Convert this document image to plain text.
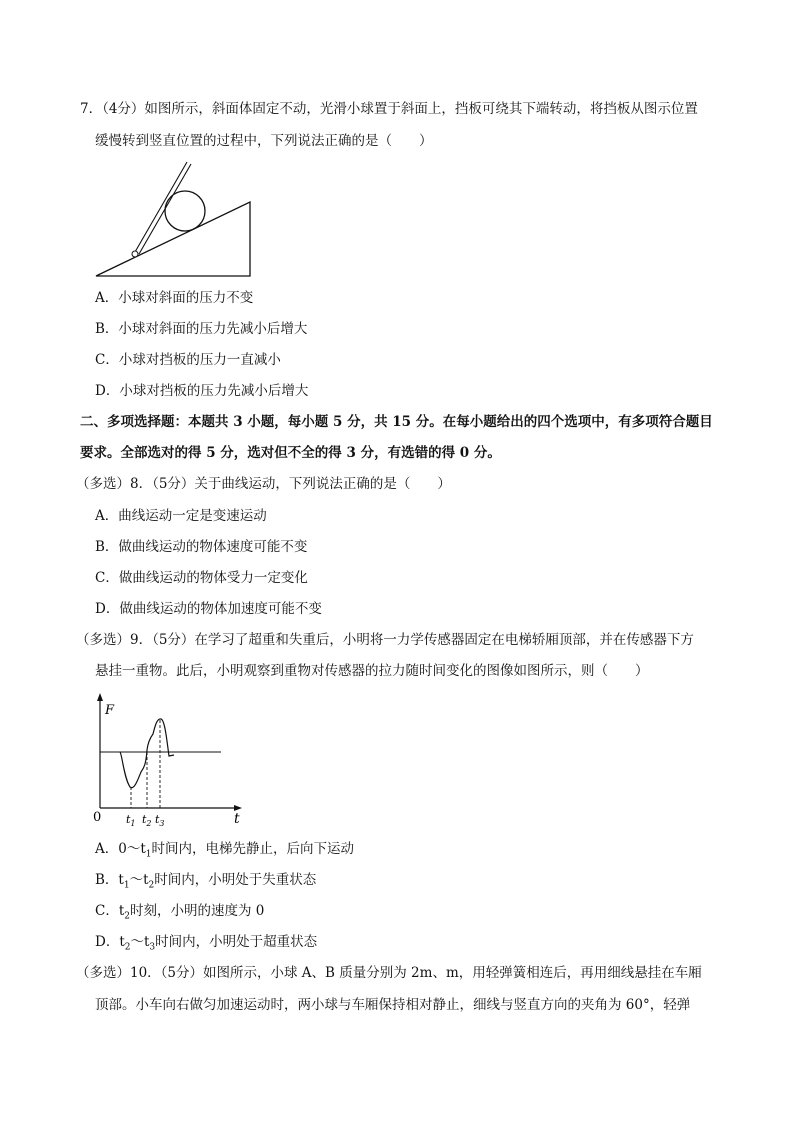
7．（4分）如图所示，斜面体固定不动，光滑小球置于斜面上，挡板可绕其下端转动，将挡板从图示位置
缓慢转到竖直位置的过程中，下列说法正确的是（　　）
A．小球对斜面的压力不变
B．小球对斜面的压力先减小后增大
C．小球对挡板的压力一直减小
D．小球对挡板的压力先减小后增大
二、多项选择题：本题共 3 小题，每小题 5 分，共 15 分。在每小题给出的四个选项中，有多项符合题目
要求。全部选对的得 5 分，选对但不全的得 3 分，有选错的得 0 分。
（多选）8．（5分）关于曲线运动，下列说法正确的是（　　）
A．曲线运动一定是变速运动
B．做曲线运动的物体速度可能不变
C．做曲线运动的物体受力一定变化
D．做曲线运动的物体加速度可能不变
（多选）9．（5分）在学习了超重和失重后，小明将一力学传感器固定在电梯轿厢顶部，并在传感器下方
悬挂一重物。此后，小明观察到重物对传感器的拉力随时间变化的图像如图所示，则（　　）
F
t
0 $t_1$ $t_2$ $t_3$
A．$0\sim t_1$时间内，电梯先静止，后向下运动
B．$t_1\sim t_2$时间内，小明处于失重状态
C．$t_2$时刻，小明的速度为 0
D．$t_2\sim t_3$时间内，小明处于超重状态
（多选）10．（5分）如图所示，小球 A、B 质量分别为 2m、m，用轻弹簧相连后，再用细线悬挂在车厢
顶部。小车向右做匀加速运动时，两小球与车厢保持相对静止，细线与竖直方向的夹角为 60°，轻弹
